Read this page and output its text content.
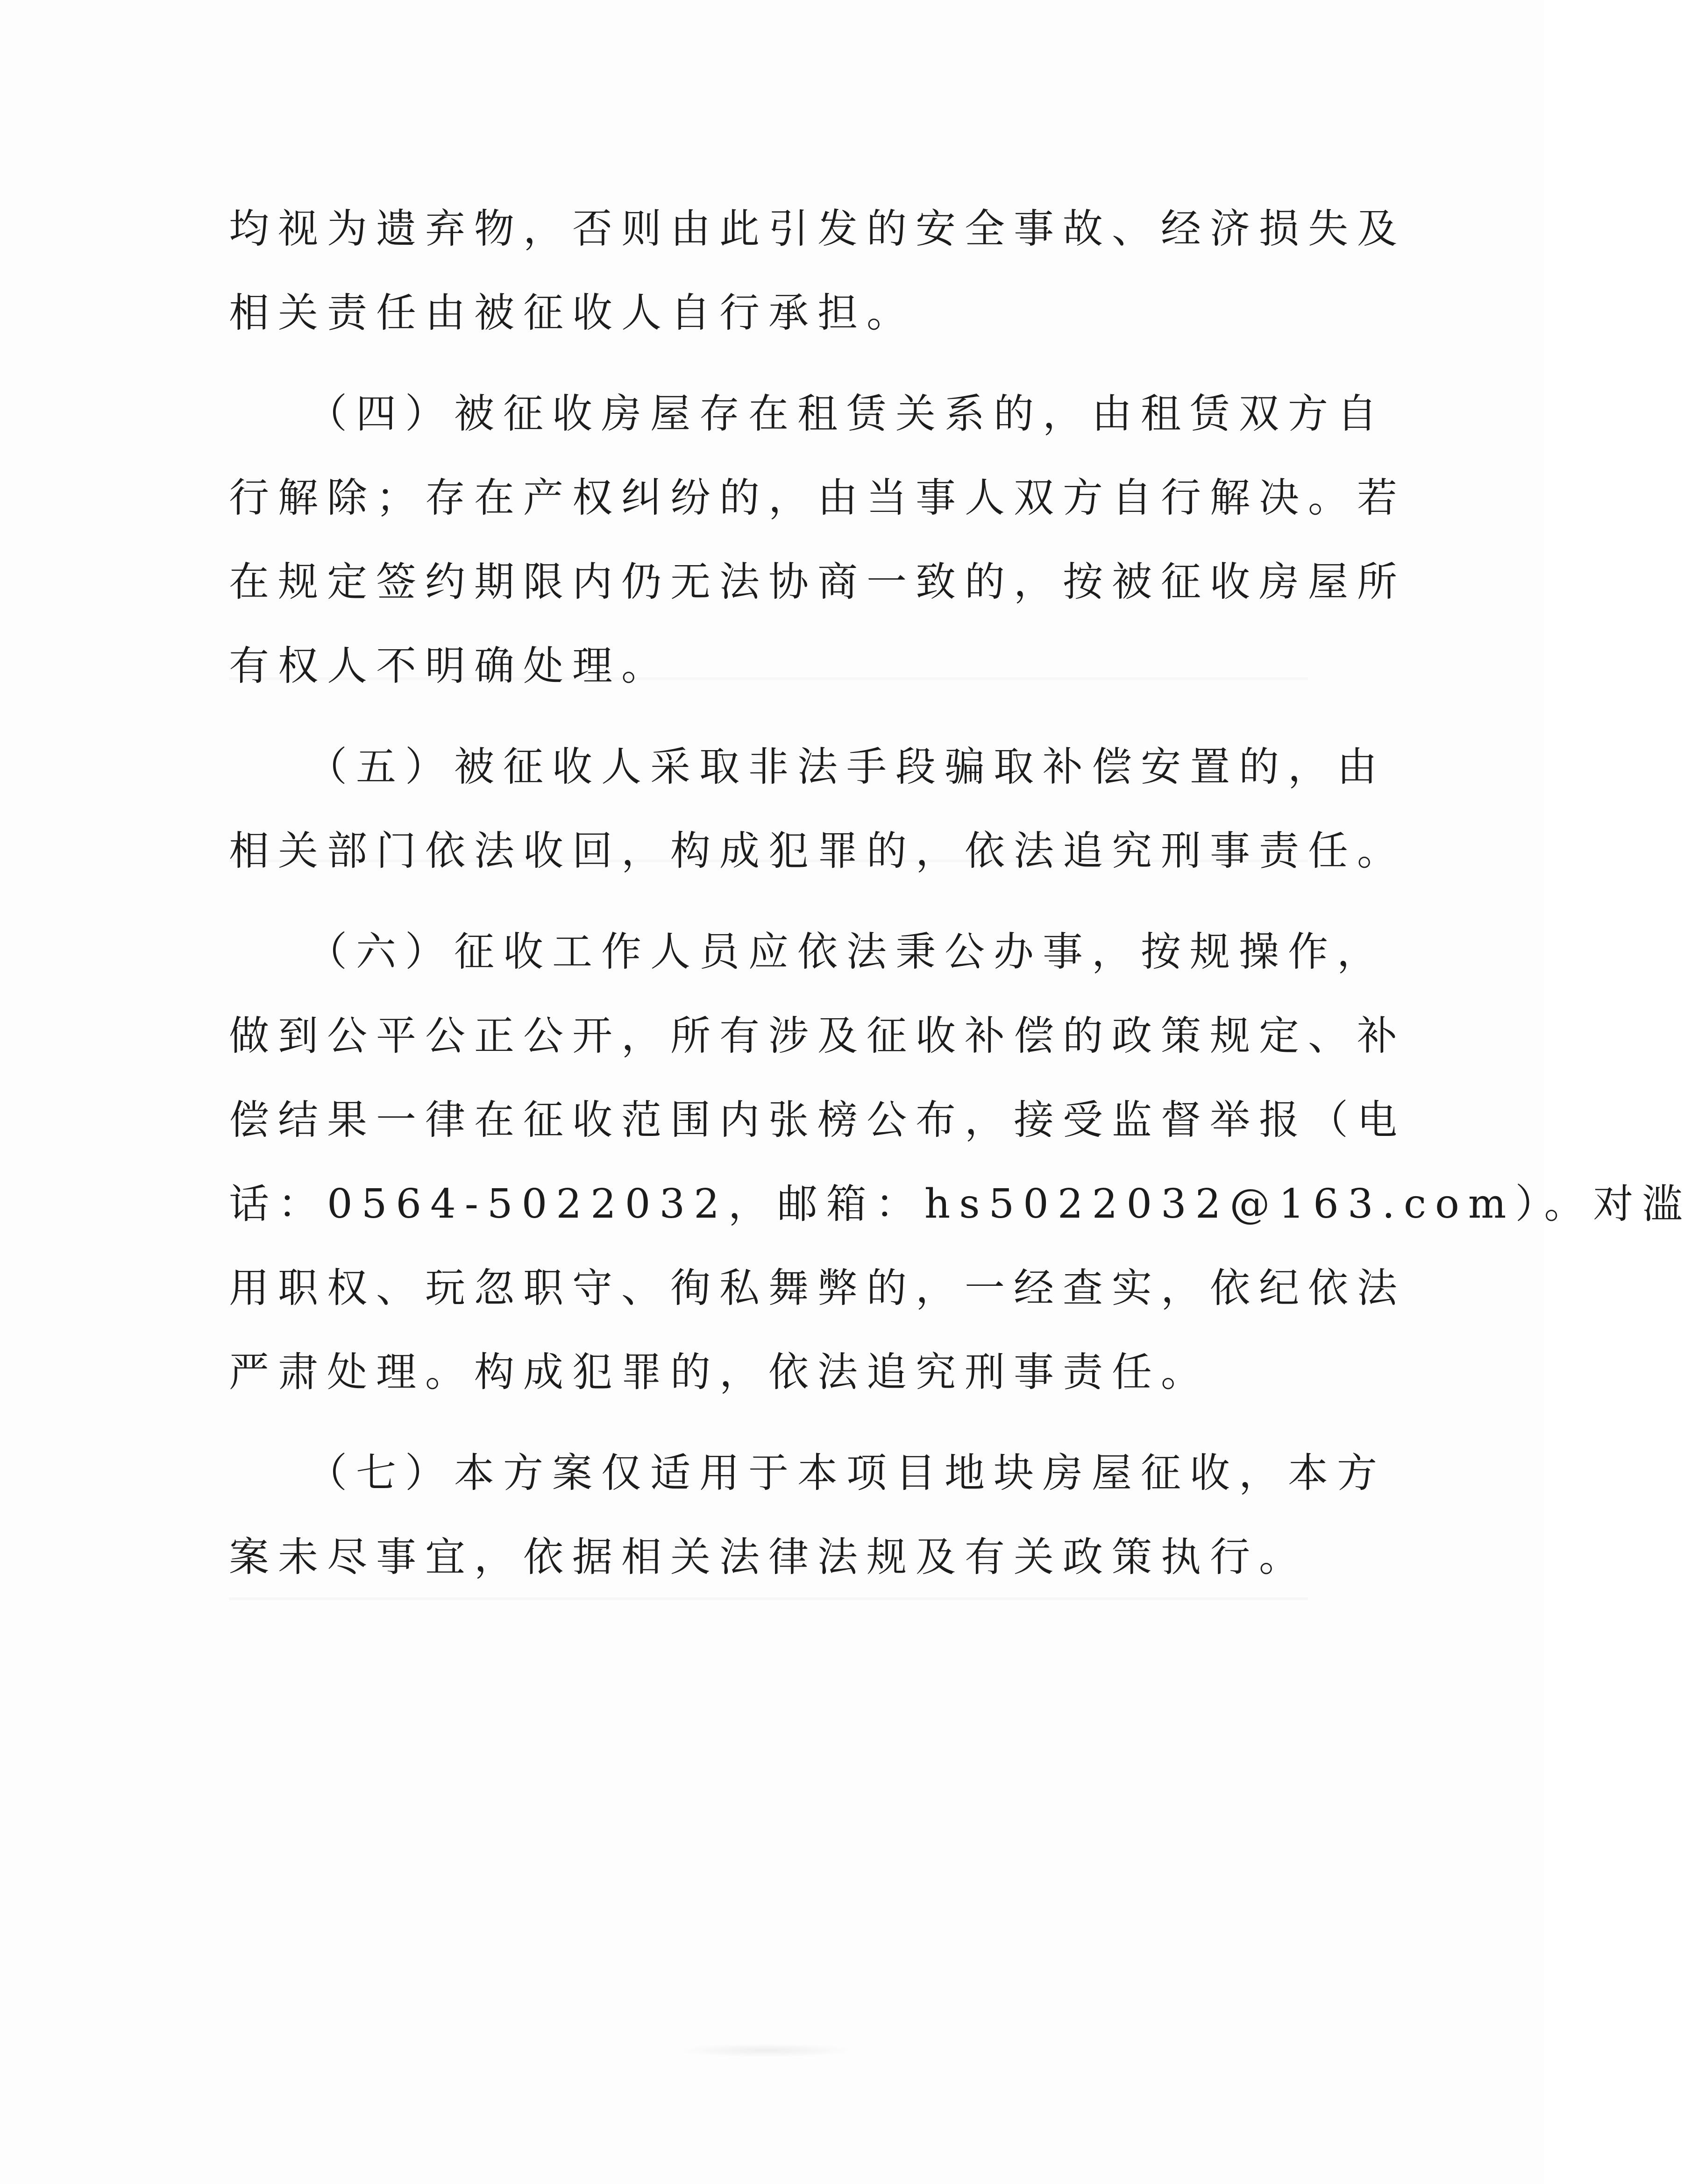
均视为遗弃物，否则由此引发的安全事故、经济损失及
相关责任由被征收人自行承担。
　　（四）被征收房屋存在租赁关系的，由租赁双方自
行解除；存在产权纠纷的，由当事人双方自行解决。若
在规定签约期限内仍无法协商一致的，按被征收房屋所
有权人不明确处理。
　　（五）被征收人采取非法手段骗取补偿安置的，由
相关部门依法收回，构成犯罪的，依法追究刑事责任。
　　（六）征收工作人员应依法秉公办事，按规操作，
做到公平公正公开，所有涉及征收补偿的政策规定、补
偿结果一律在征收范围内张榜公布，接受监督举报（电
话：0564-5022032，邮箱：hs5022032@163.com）。对滥
用职权、玩忽职守、徇私舞弊的，一经查实，依纪依法
严肃处理。构成犯罪的，依法追究刑事责任。
　　（七）本方案仅适用于本项目地块房屋征收，本方
案未尽事宜，依据相关法律法规及有关政策执行。
